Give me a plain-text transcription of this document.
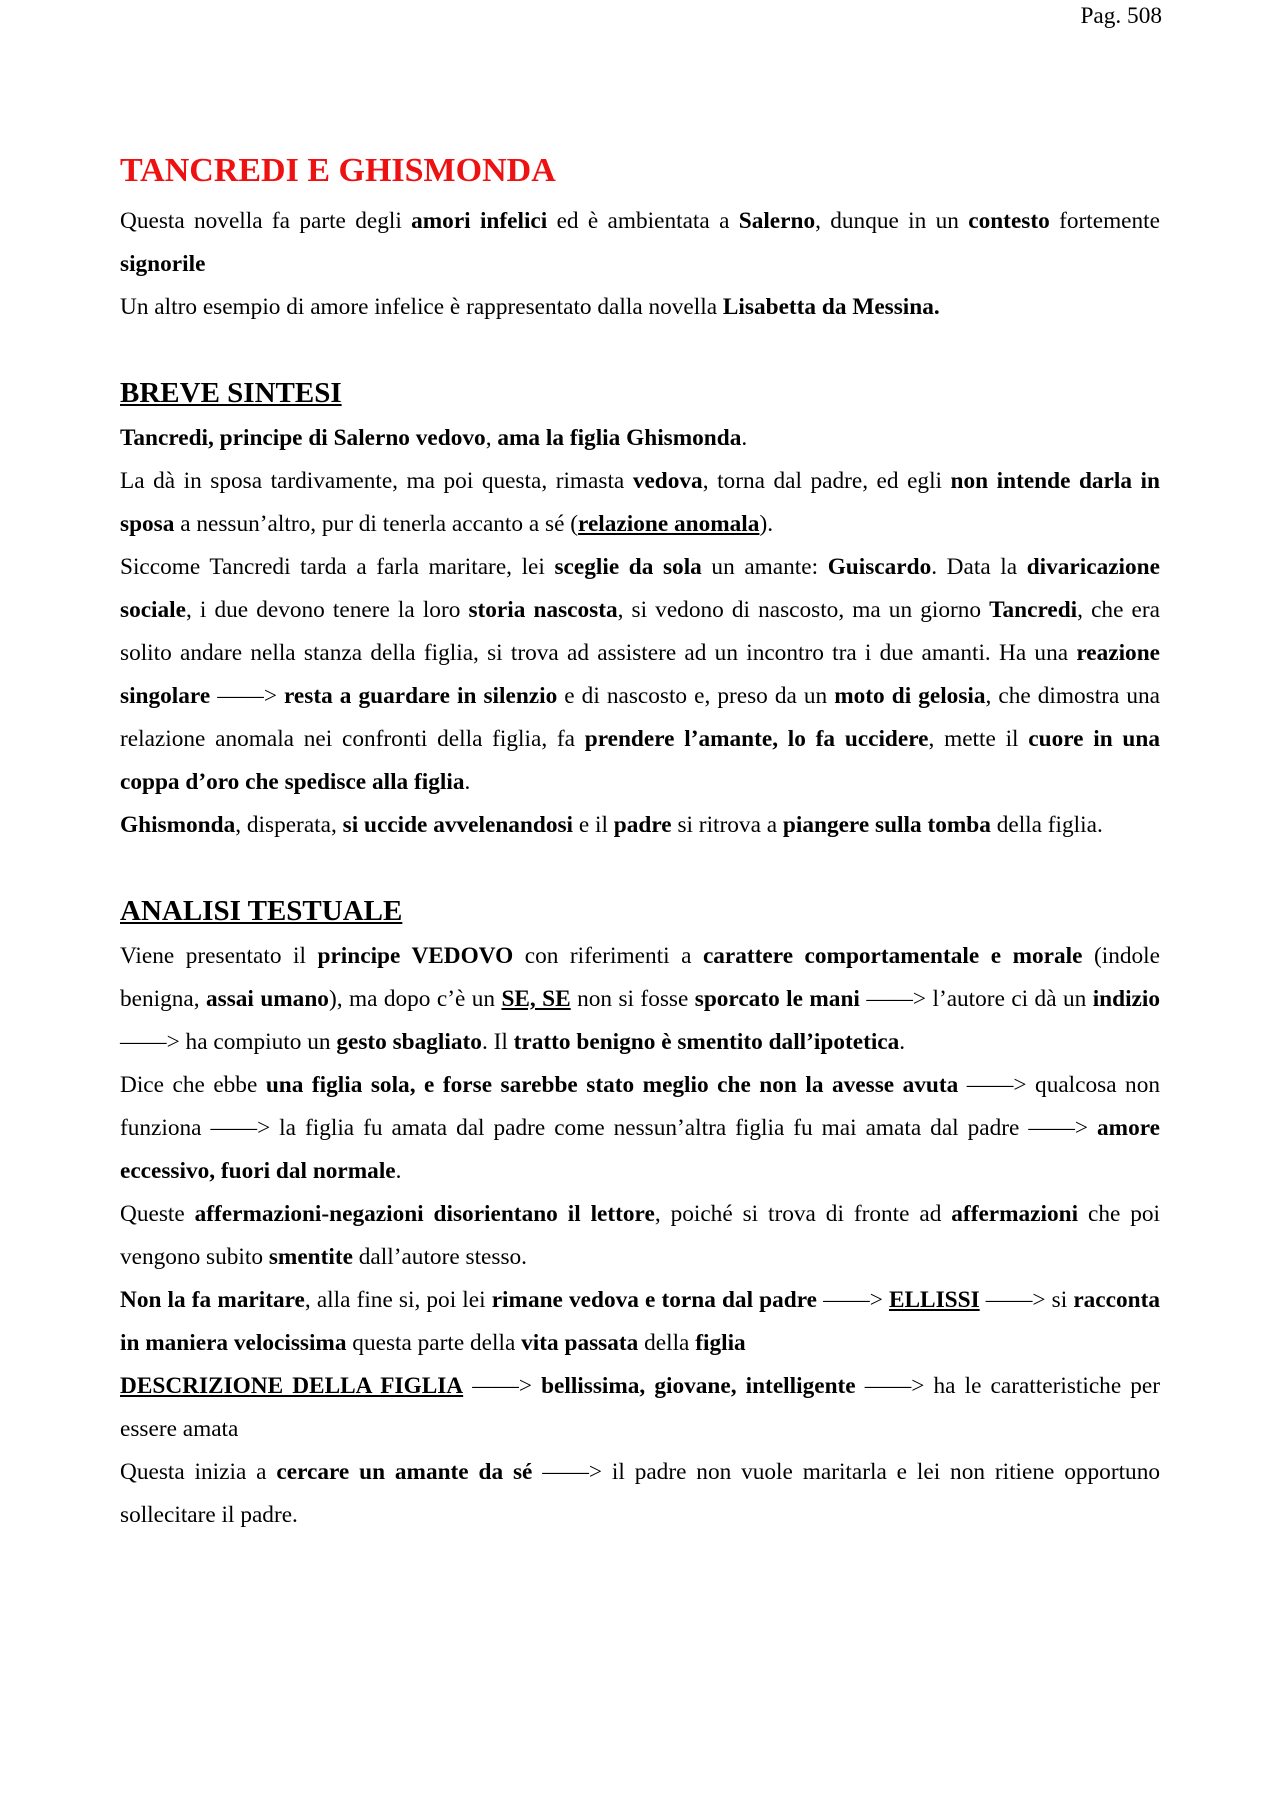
Pag. 508
TANCREDI E GHISMONDA

Questa novella fa parte degli amori infelici ed è ambientata a Salerno, dunque in un contesto fortemente signorile

Un altro esempio di amore infelice è rappresentato dalla novella Lisabetta da Messina.

BREVE SINTESI

Tancredi, principe di Salerno vedovo, ama la figlia Ghismonda.

La dà in sposa tardivamente, ma poi questa, rimasta vedova, torna dal padre, ed egli non intende darla in sposa a nessun’altro, pur di tenerla accanto a sé (relazione anomala).

Siccome Tancredi tarda a farla maritare, lei sceglie da sola un amante: Guiscardo. Data la divaricazione sociale, i due devono tenere la loro storia nascosta, si vedono di nascosto, ma un giorno Tancredi, che era solito andare nella stanza della figlia, si trova ad assistere ad un incontro tra i due amanti. Ha una reazione singolare ——> resta a guardare in silenzio e di nascosto e, preso da un moto di gelosia, che dimostra una relazione anomala nei confronti della figlia, fa prendere l’amante, lo fa uccidere, mette il cuore in una coppa d’oro che spedisce alla figlia.

Ghismonda, disperata, si uccide avvelenandosi e il padre si ritrova a piangere sulla tomba della figlia.

ANALISI TESTUALE

Viene presentato il principe VEDOVO con riferimenti a carattere comportamentale e morale (indole benigna, assai umano), ma dopo c’è un SE, SE non si fosse sporcato le mani ——> l’autore ci dà un indizio ——> ha compiuto un gesto sbagliato. Il tratto benigno è smentito dall’ipotetica.

Dice che ebbe una figlia sola, e forse sarebbe stato meglio che non la avesse avuta ——> qualcosa non funziona ——> la figlia fu amata dal padre come nessun’altra figlia fu mai amata dal padre ——> amore eccessivo, fuori dal normale.

Queste affermazioni-negazioni disorientano il lettore, poiché si trova di fronte ad affermazioni che poi vengono subito smentite dall’autore stesso.

Non la fa maritare, alla fine si, poi lei rimane vedova e torna dal padre ——> ELLISSI ——> si racconta in maniera velocissima questa parte della vita passata della figlia

DESCRIZIONE DELLA FIGLIA ——> bellissima, giovane, intelligente ——> ha le caratteristiche per essere amata

Questa inizia a cercare un amante da sé ——> il padre non vuole maritarla e lei non ritiene opportuno sollecitare il padre.
